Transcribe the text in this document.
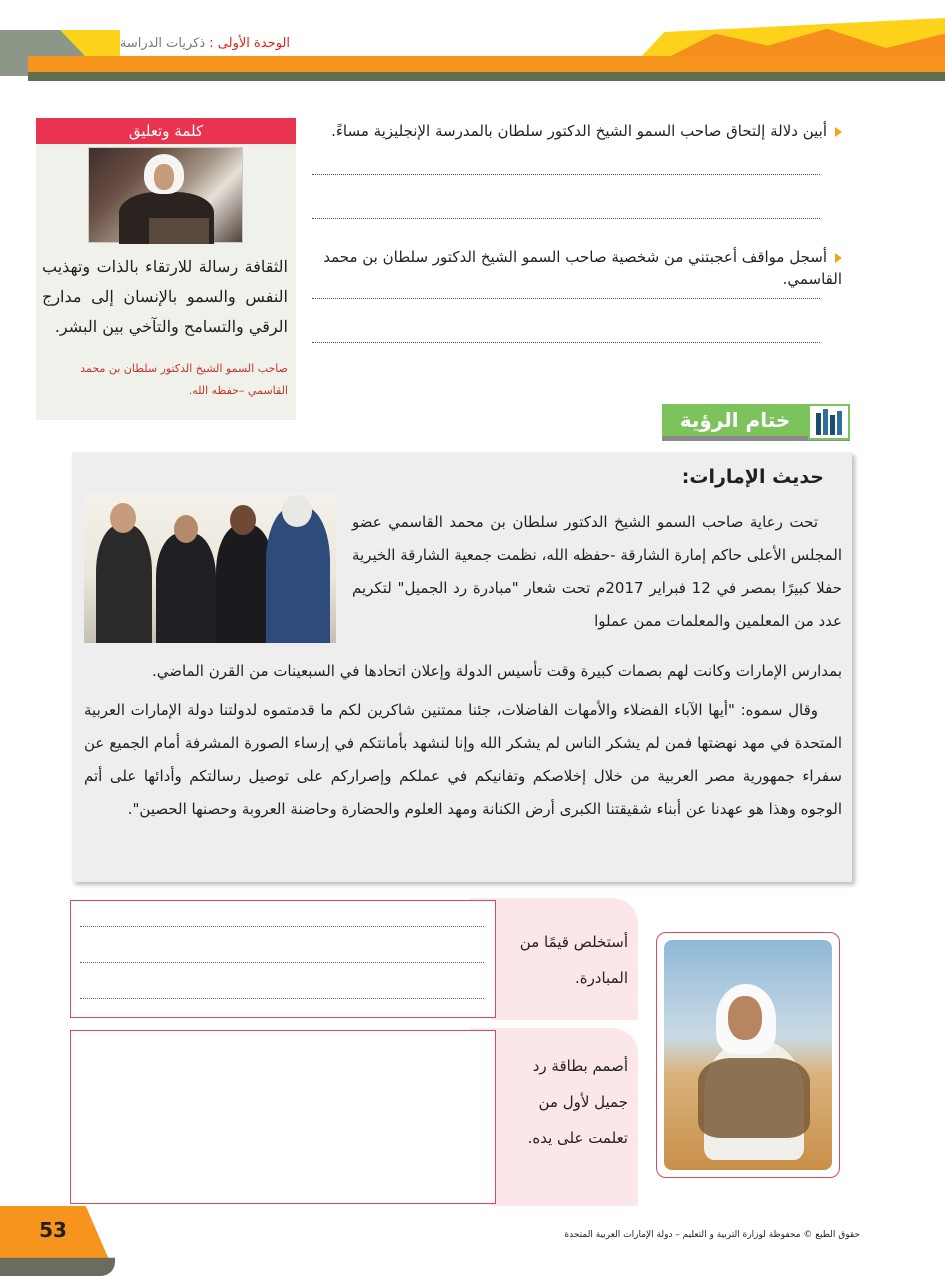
الوحدة الأولى : ذكريات الدراسة
كلمة وتعليق
الثقافة رسالة للارتقاء بالذات وتهذيب النفس والسمو بالإنسان إلى مدارج الرقي والتسامح والتآخي بين البشر.
صاحب السمو الشيخ الدكتور سلطان بن محمد القاسمي –حفظه الله.
أبين دلالة إلتحاق صاحب السمو الشيخ الدكتور سلطان بالمدرسة الإنجليزية مساءً.
أسجل مواقف أعجبتني من شخصية صاحب السمو الشيخ الدكتور سلطان بن محمد القاسمي.
ختام الرؤية
حديث الإمارات:
تحت رعاية صاحب السمو الشيخ الدكتور سلطان بن محمد القاسمي عضو المجلس الأعلى حاكم إمارة الشارقة -حفظه الله، نظمت جمعية الشارقة الخيرية حفلا كبيرًا بمصر في 12 فبراير 2017م تحت شعار "مبادرة رد الجميل" لتكريم عدد من المعلمين والمعلمات ممن عملوا
بمدارس الإمارات وكانت لهم بصمات كبيرة وقت تأسيس الدولة وإعلان اتحادها في السبعينات من القرن الماضي.
وقال سموه: "أيها الآباء الفضلاء والأمهات الفاضلات، جئنا ممتنين شاكرين لكم ما قدمتموه لدولتنا دولة الإمارات العربية المتحدة في مهد نهضتها فمن لم يشكر الناس لم يشكر الله وإنا لنشهد بأمانتكم في إرساء الصورة المشرفة أمام الجميع عن سفراء جمهورية مصر العربية من خلال إخلاصكم وتفانيكم في عملكم وإصراركم على توصيل رسالتكم وأدائها على أتم الوجوه وهذا هو عهدنا عن أبناء شقيقتنا الكبرى أرض الكنانة ومهد العلوم والحضارة وحاضنة العروبة وحصنها الحصين".
أستخلص قيمًا من المبادرة.
أصمم بطاقة رد جميل لأول من تعلمت على يده.
53	حقوق الطبع © محفوظة لوزارة التربية و التعليم – دولة الإمارات العربية المتحدة
